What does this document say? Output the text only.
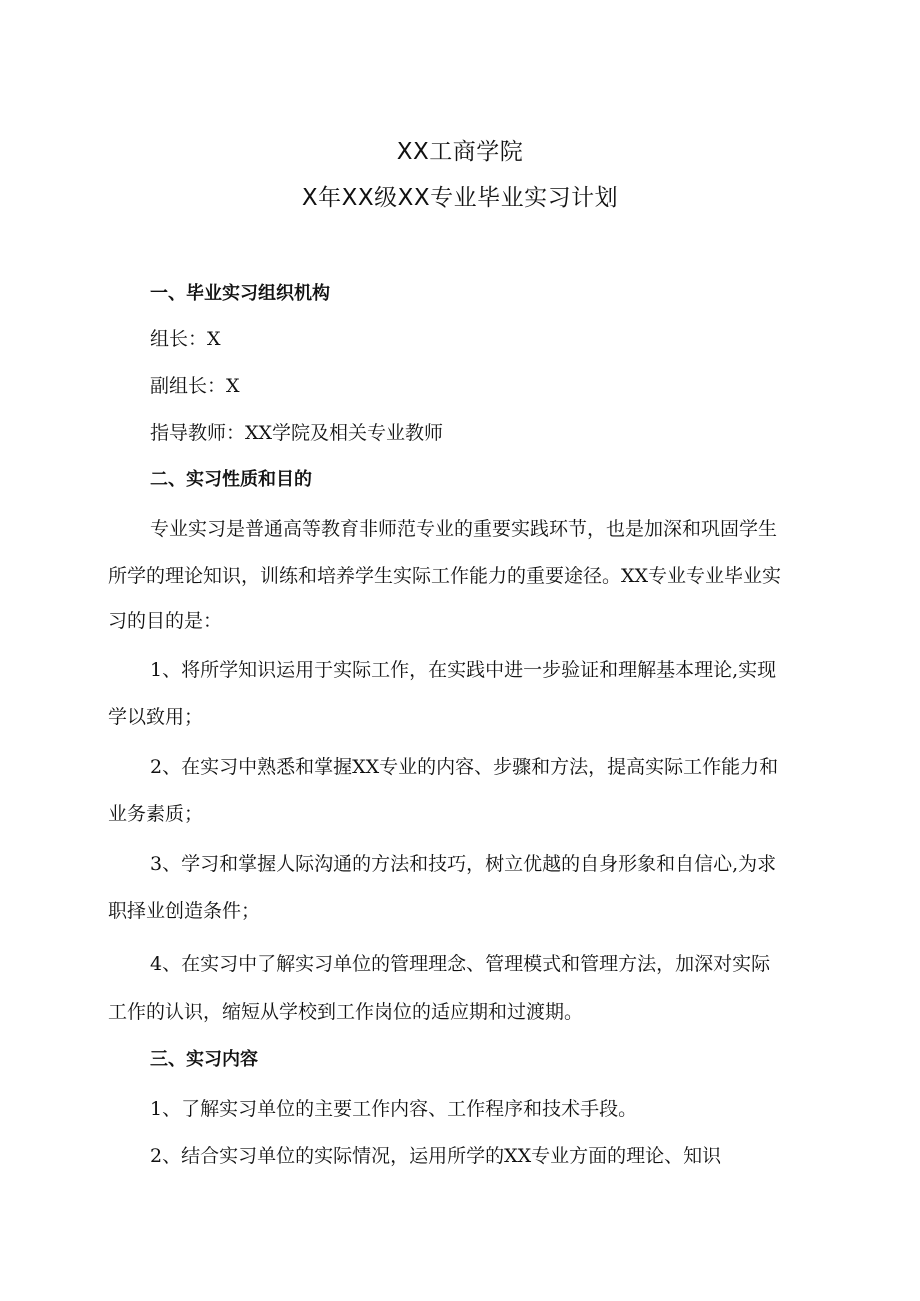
XX工商学院
X年XX级XX专业毕业实习计划
一、毕业实习组织机构
组长：X
副组长：X
指导教师：XX学院及相关专业教师
二、实习性质和目的
专业实习是普通高等教育非师范专业的重要实践环节，也是加深和巩固学生
所学的理论知识，训练和培养学生实际工作能力的重要途径。XX专业专业毕业实
习的目的是：
1、将所学知识运用于实际工作，在实践中进一步验证和理解基本理论,实现
学以致用；
2、在实习中熟悉和掌握XX专业的内容、步骤和方法，提高实际工作能力和
业务素质；
3、学习和掌握人际沟通的方法和技巧，树立优越的自身形象和自信心,为求
职择业创造条件；
4、在实习中了解实习单位的管理理念、管理模式和管理方法，加深对实际
工作的认识，缩短从学校到工作岗位的适应期和过渡期。
三、实习内容
1、了解实习单位的主要工作内容、工作程序和技术手段。
2、结合实习单位的实际情况，运用所学的XX专业方面的理论、知识
